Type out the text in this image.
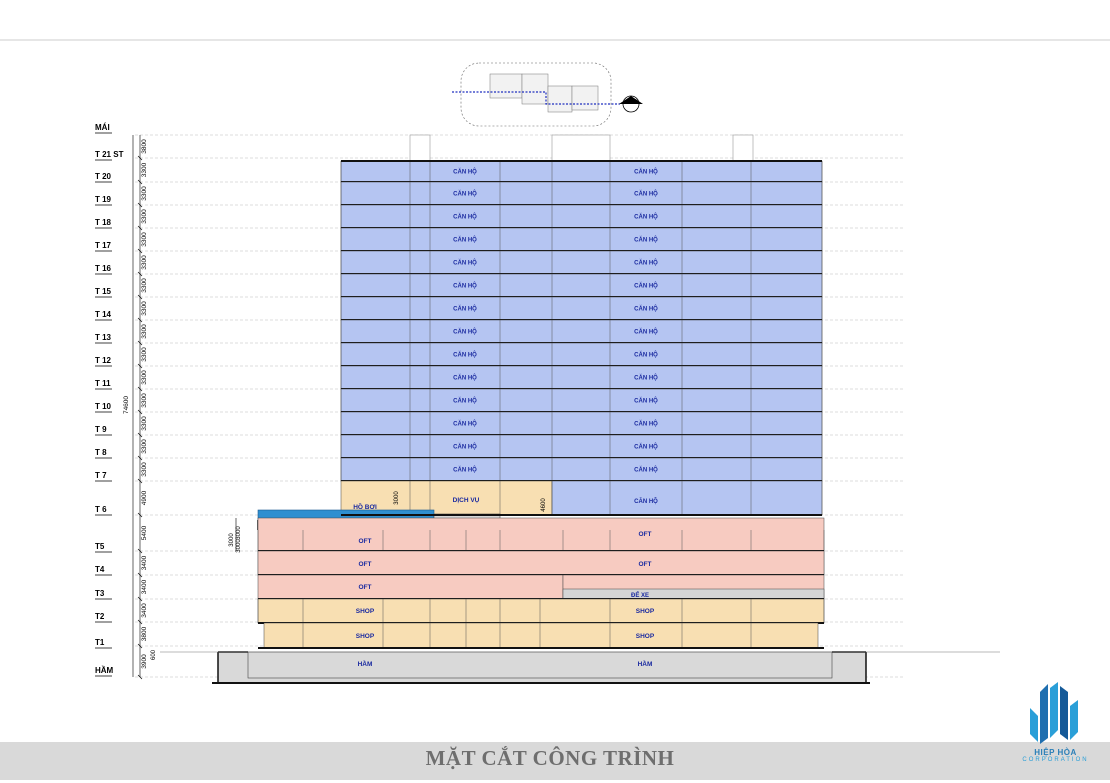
MÁI
T 21 ST
3800
T 20	3300
T 19	3300
T 18	3300
T 17	3300
T 16	3300
T 15	3300
T 14	3300
T 13	3300
T 12	3300
T 11	3300
T 10	3300
T 9	3300
T 8	3300
T 7	3300
T 6
4900
T5
5400
T4	3400
T3	3400
T2	3400
T1
3800
HẦM
3900
74600
CĂN HỘ	CĂN HỘ
CĂN HỘ	CĂN HỘ
CĂN HỘ	CĂN HỘ
CĂN HỘ	CĂN HỘ
CĂN HỘ	CĂN HỘ
CĂN HỘ	CĂN HỘ
CĂN HỘ	CĂN HỘ
CĂN HỘ	CĂN HỘ
CĂN HỘ	CĂN HỘ
CĂN HỘ	CĂN HỘ
CĂN HỘ	CĂN HỘ
CĂN HỘ	CĂN HỘ
CĂN HỘ	CĂN HỘ
CĂN HỘ	CĂN HỘ
DỊCH VỤ	CĂN HỘ
3000
4600
HỒ BƠI
OFT
OFT
3000
3000
3000
OFT	OFT
OFT
ĐỂ XE
SHOP	SHOP
SHOP	SHOP
600
HẦM	HẦM
MẶT CẮT CÔNG TRÌNH	HIỆP HÒA
CORPORATION
